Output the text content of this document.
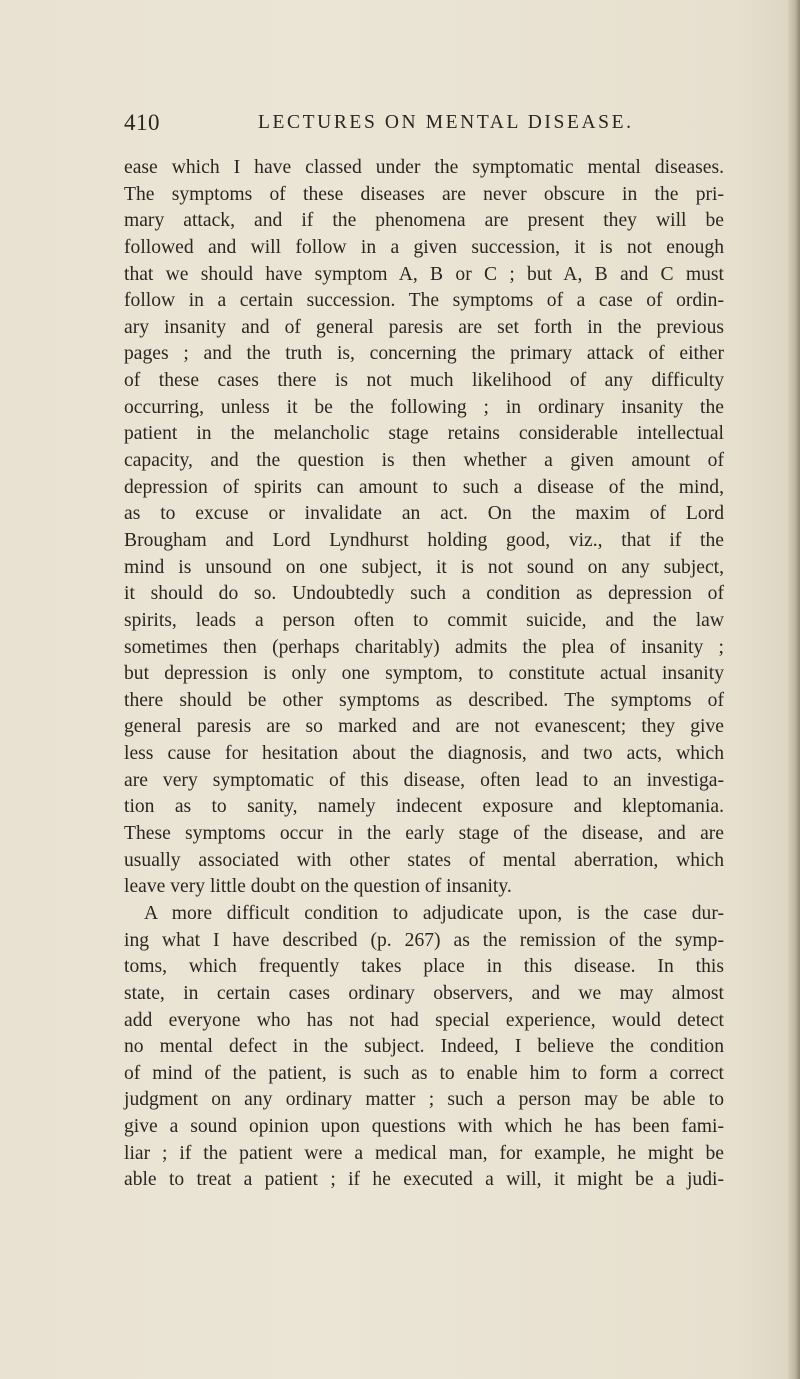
410	LECTURES ON MENTAL DISEASE.
ease which I have classed under the symptomatic mental diseases.
The symptoms of these diseases are never obscure in the pri-
mary attack, and if the phenomena are present they will be
followed and will follow in a given succession, it is not enough
that we should have symptom A, B or C ; but A, B and C must
follow in a certain succession. The symptoms of a case of ordin-
ary insanity and of general paresis are set forth in the previous
pages ; and the truth is, concerning the primary attack of either
of these cases there is not much likelihood of any difficulty
occurring, unless it be the following ; in ordinary insanity the
patient in the melancholic stage retains considerable intellectual
capacity, and the question is then whether a given amount of
depression of spirits can amount to such a disease of the mind,
as to excuse or invalidate an act. On the maxim of Lord
Brougham and Lord Lyndhurst holding good, viz., that if the
mind is unsound on one subject, it is not sound on any subject,
it should do so. Undoubtedly such a condition as depression of
spirits, leads a person often to commit suicide, and the law
sometimes then (perhaps charitably) admits the plea of insanity ;
but depression is only one symptom, to constitute actual insanity
there should be other symptoms as described. The symptoms of
general paresis are so marked and are not evanescent; they give
less cause for hesitation about the diagnosis, and two acts, which
are very symptomatic of this disease, often lead to an investiga-
tion as to sanity, namely indecent exposure and kleptomania.
These symptoms occur in the early stage of the disease, and are
usually associated with other states of mental aberration, which
leave very little doubt on the question of insanity.
A more difficult condition to adjudicate upon, is the case dur-
ing what I have described (p. 267) as the remission of the symp-
toms, which frequently takes place in this disease. In this
state, in certain cases ordinary observers, and we may almost
add everyone who has not had special experience, would detect
no mental defect in the subject. Indeed, I believe the condition
of mind of the patient, is such as to enable him to form a correct
judgment on any ordinary matter ; such a person may be able to
give a sound opinion upon questions with which he has been fami-
liar ; if the patient were a medical man, for example, he might be
able to treat a patient ; if he executed a will, it might be a judi-
